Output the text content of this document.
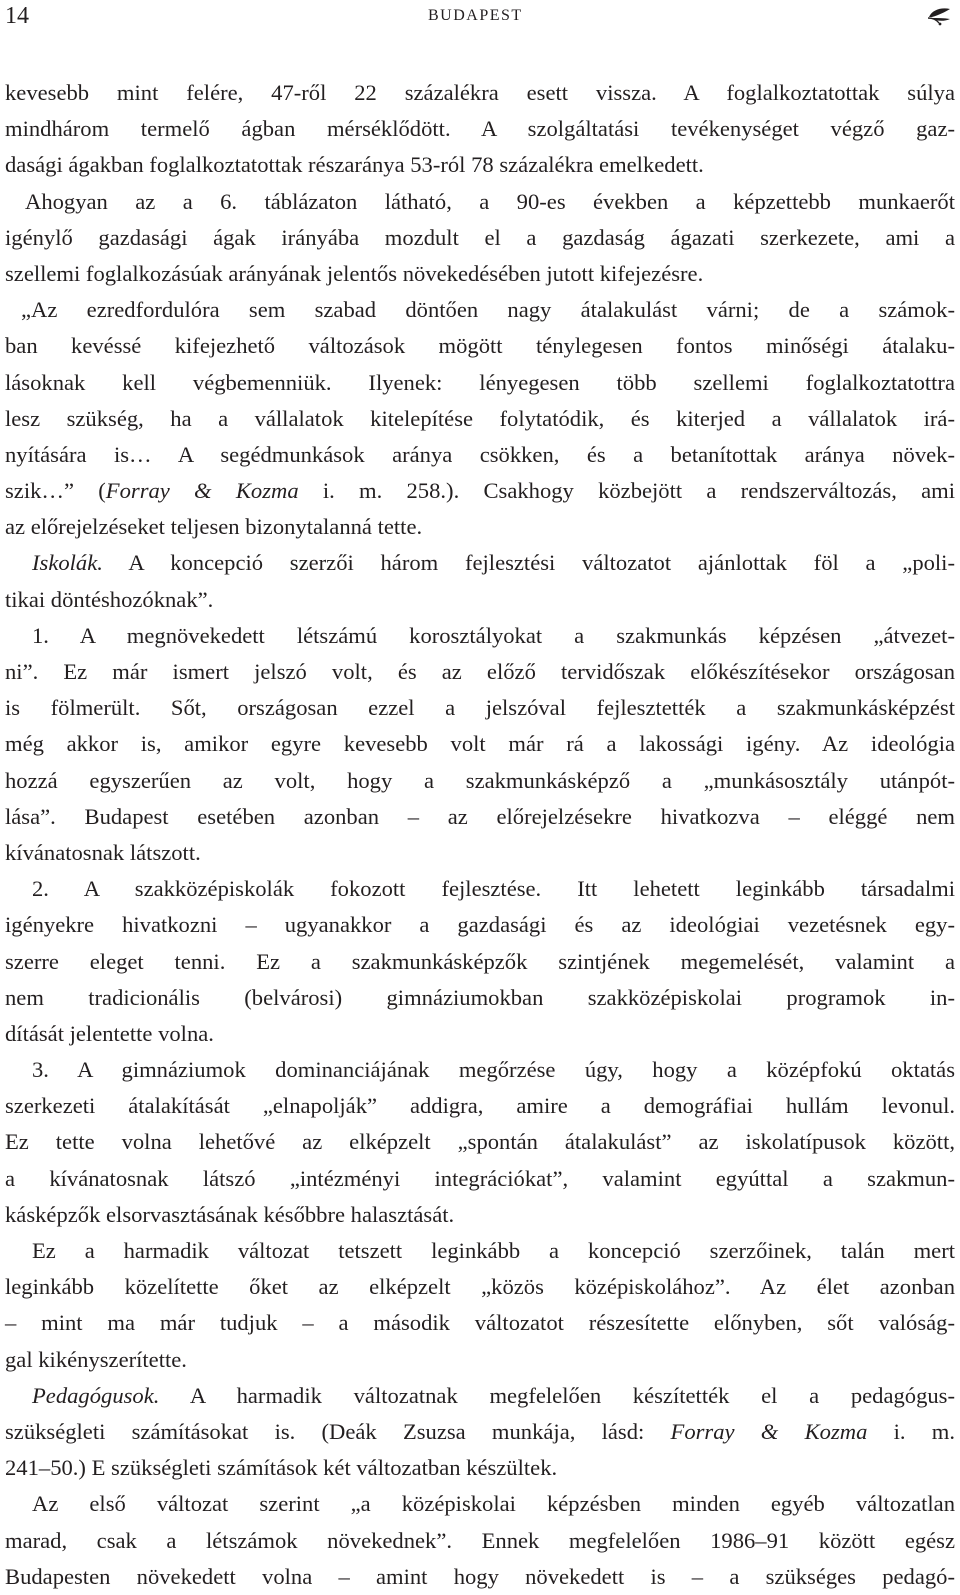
14	BUDAPEST
kevesebb mint felére, 47-ről 22 százalékra esett vissza. A foglalkoztatottak súlya
mindhárom termelő ágban mérséklődött. A szolgáltatási tevékenységet végző gaz-
dasági ágakban foglalkoztatottak részaránya 53-ról 78 százalékra emelkedett.
Ahogyan az a 6. táblázaton látható, a 90-es években a képzettebb munkaerőt
igénylő gazdasági ágak irányába mozdult el a gazdaság ágazati szerkezete, ami a
szellemi foglalkozásúak arányának jelentős növekedésében jutott kifejezésre.
„Az ezredfordulóra sem szabad döntően nagy átalakulást várni; de a számok-
ban kevéssé kifejezhető változások mögött ténylegesen fontos minőségi átalaku-
lásoknak kell végbemenniük. Ilyenek: lényegesen több szellemi foglalkoztatottra
lesz szükség, ha a vállalatok kitelepítése folytatódik, és kiterjed a vállalatok irá-
nyítására is… A segédmunkások aránya csökken, és a betanítottak aránya növek-
szik…” (Forray & Kozma i. m. 258.). Csakhogy közbejött a rendszerváltozás, ami
az előrejelzéseket teljesen bizonytalanná tette.
Iskolák. A koncepció szerzői három fejlesztési változatot ajánlottak föl a „poli-
tikai döntéshozóknak”.
1. A megnövekedett létszámú korosztályokat a szakmunkás képzésen „átvezet-
ni”. Ez már ismert jelszó volt, és az előző tervidőszak előkészítésekor országosan
is fölmerült. Sőt, országosan ezzel a jelszóval fejlesztették a szakmunkásképzést
még akkor is, amikor egyre kevesebb volt már rá a lakossági igény. Az ideológia
hozzá egyszerűen az volt, hogy a szakmunkásképző a „munkásosztály utánpót-
lása”. Budapest esetében azonban – az előrejelzésekre hivatkozva – eléggé nem
kívánatosnak látszott.
2. A szakközépiskolák fokozott fejlesztése. Itt lehetett leginkább társadalmi
igényekre hivatkozni – ugyanakkor a gazdasági és az ideológiai vezetésnek egy-
szerre eleget tenni. Ez a szakmunkásképzők szintjének megemelését, valamint a
nem tradicionális (belvárosi) gimnáziumokban szakközépiskolai programok in-
dítását jelentette volna.
3. A gimnáziumok dominanciájának megőrzése úgy, hogy a középfokú oktatás
szerkezeti átalakítását „elnapolják” addigra, amire a demográfiai hullám levonul.
Ez tette volna lehetővé az elképzelt „spontán átalakulást” az iskolatípusok között,
a kívánatosnak látszó „intézményi integrációkat”, valamint egyúttal a szakmun-
kásképzők elsorvasztásának későbbre halasztását.
Ez a harmadik változat tetszett leginkább a koncepció szerzőinek, talán mert
leginkább közelítette őket az elképzelt „közös középiskolához”. Az élet azonban
– mint ma már tudjuk – a második változatot részesítette előnyben, sőt valóság-
gal kikényszerítette.
Pedagógusok. A harmadik változatnak megfelelően készítették el a pedagógus-
szükségleti számításokat is. (Deák Zsuzsa munkája, lásd: Forray & Kozma i. m.
241–50.) E szükségleti számítások két változatban készültek.
Az első változat szerint „a középiskolai képzésben minden egyéb változatlan
marad, csak a létszámok növekednek”. Ennek megfelelően 1986–91 között egész
Budapesten növekedett volna – amint hogy növekedett is – a szükséges pedagó-
